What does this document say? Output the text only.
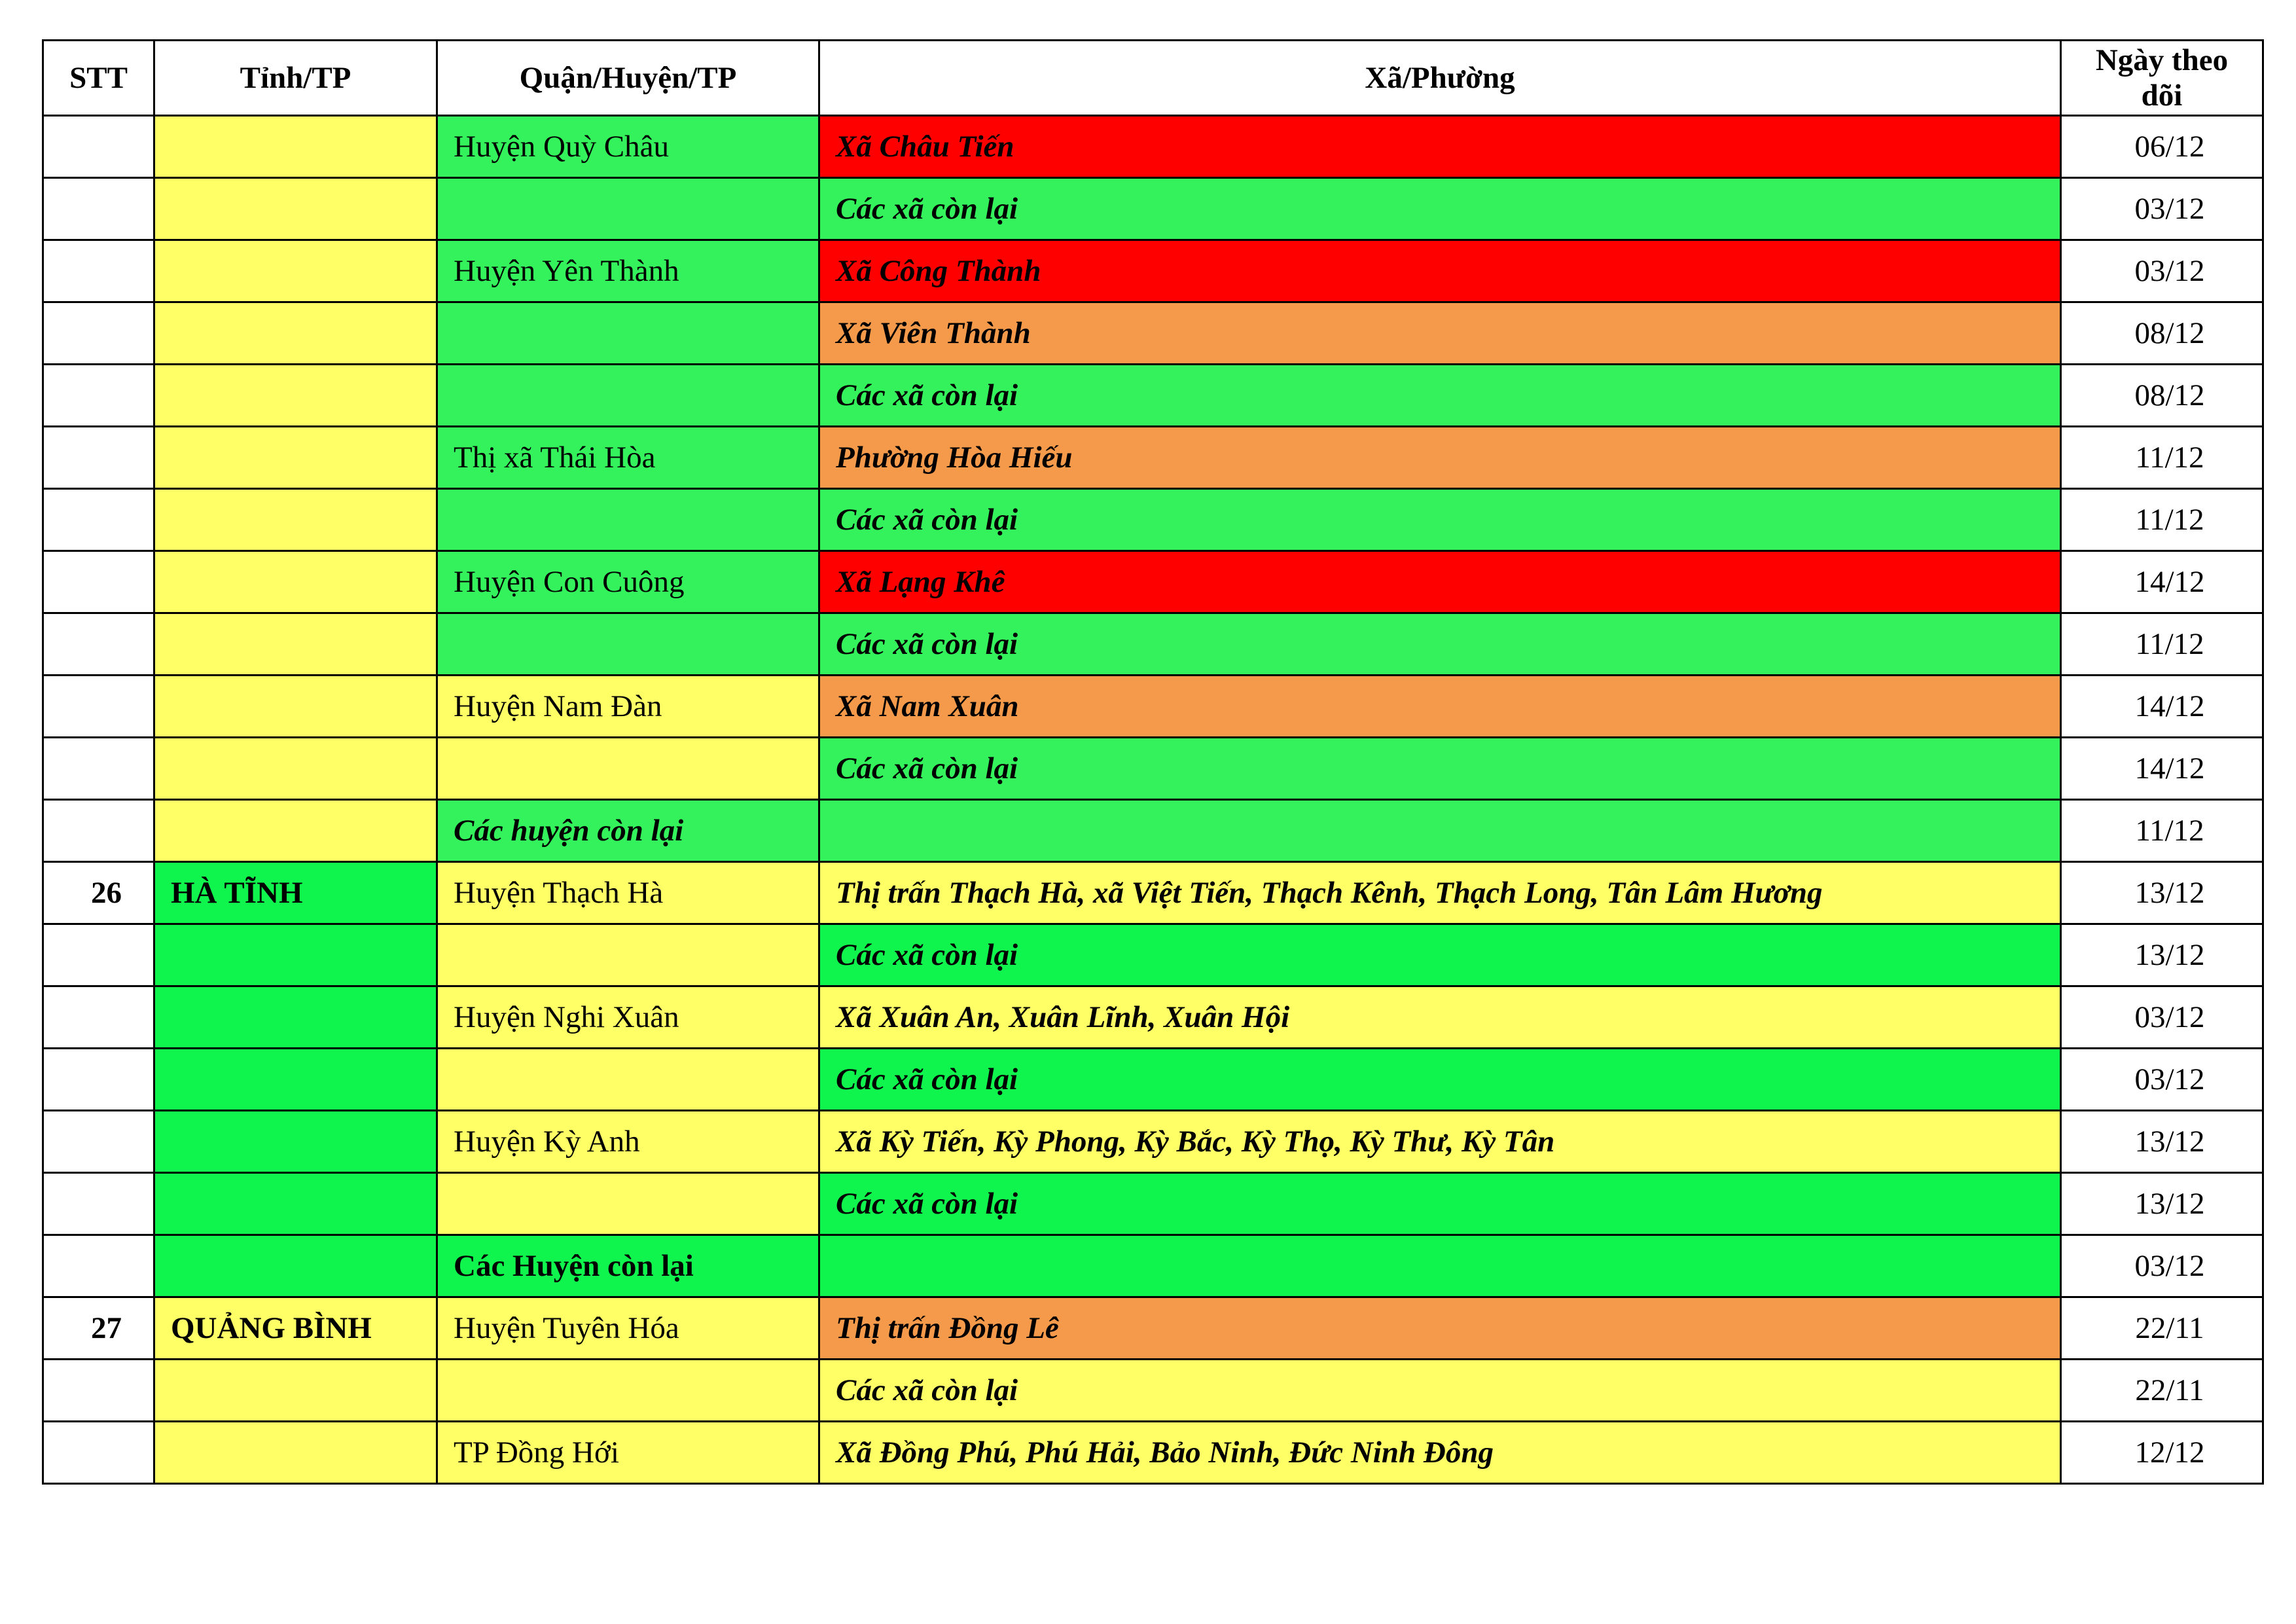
STT	Tỉnh/TP	Quận/Huyện/TP	Xã/Phường	Ngày theo
dõi
		Huyện Quỳ Châu	Xã Châu Tiến	06/12
			Các xã còn lại	03/12
		Huyện Yên Thành	Xã Công Thành	03/12
			Xã Viên Thành	08/12
			Các xã còn lại	08/12
		Thị xã Thái Hòa	Phường Hòa Hiếu	11/12
			Các xã còn lại	11/12
		Huyện Con Cuông	Xã Lạng Khê	14/12
			Các xã còn lại	11/12
		Huyện Nam Đàn	Xã Nam Xuân	14/12
			Các xã còn lại	14/12
		Các huyện còn lại		11/12
26	HÀ TĨNH	Huyện Thạch Hà	Thị trấn Thạch Hà, xã Việt Tiến, Thạch Kênh, Thạch Long, Tân Lâm Hương	13/12
			Các xã còn lại	13/12
		Huyện Nghi Xuân	Xã Xuân An, Xuân Lĩnh, Xuân Hội	03/12
			Các xã còn lại	03/12
		Huyện Kỳ Anh	Xã Kỳ Tiến, Kỳ Phong, Kỳ Bắc, Kỳ Thọ, Kỳ Thư, Kỳ Tân	13/12
			Các xã còn lại	13/12
		Các Huyện còn lại		03/12
27	QUẢNG BÌNH	Huyện Tuyên Hóa	Thị trấn Đồng Lê	22/11
			Các xã còn lại	22/11
		TP Đồng Hới	Xã Đồng Phú, Phú Hải, Bảo Ninh, Đức Ninh Đông	12/12
